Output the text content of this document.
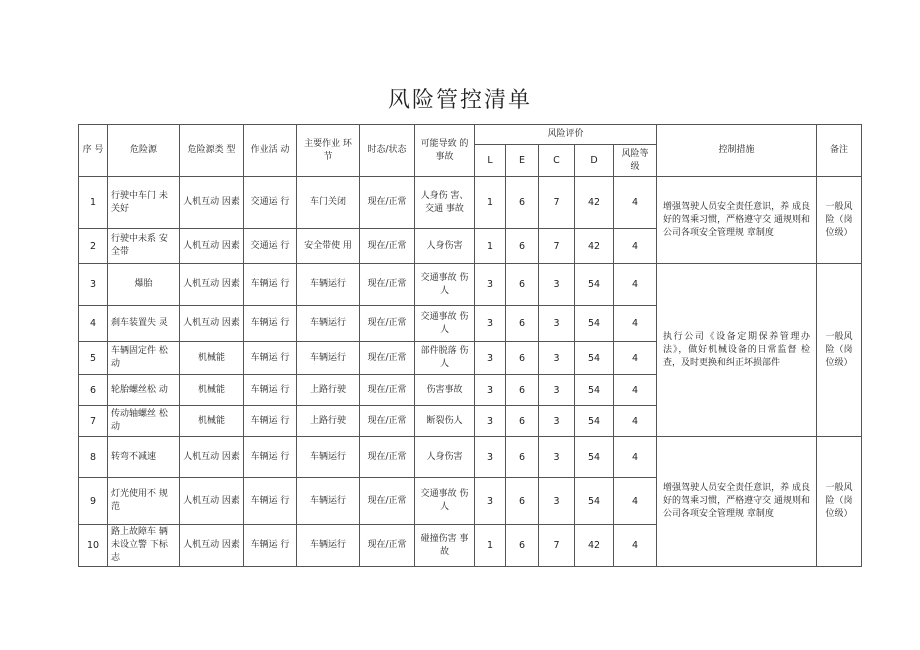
风险管控清单
序 号	危险源	危险源类 型	作业活 动	主要作业 环节	时态/状态	可能导致 的事故	风险评价					控制措施	备注
							L	E	C	D	风险等 级		
1	行驶中车门 未关好	人机互动 因素	交通运 行	车门关闭	现在/正常	人身伤 害、交通 事故	1	6	7	42	4	增强驾驶人员安全责任意识，养 成良好的驾乘习惯，严格遵守交 通规则和公司各项安全管理规 章制度	一般风 险（岗 位级）
2	行驶中未系 安全带	人机互动 因素	交通运 行	安全带使 用	现在/正常	人身伤害	1	6	7	42	4		
3	爆胎	人机互动 因素	车辆运 行	车辆运行	现在/正常	交通事故 伤人	3	6	3	54	4	执行公司《设备定期保养管理办 法》，做好机械设备的日常监督 检查，及时更换和纠正坏损部件	一般风 险（岗 位级）
4	刹车装置失 灵	人机互动 因素	车辆运 行	车辆运行	现在/正常	交通事故 伤人	3	6	3	54	4		
5	车辆固定件 松动	机械能	车辆运 行	车辆运行	现在/正常	部件脱落 伤人	3	6	3	54	4		
6	轮胎螺丝松 动	机械能	车辆运 行	上路行驶	现在/正常	伤害事故	3	6	3	54	4		
7	传动轴螺丝 松动	机械能	车辆运 行	上路行驶	现在/正常	断裂伤人	3	6	3	54	4		
8	转弯不减速	人机互动 因素	车辆运 行	车辆运行	现在/正常	人身伤害	3	6	3	54	4	增强驾驶人员安全责任意识，养 成良好的驾乘习惯，严格遵守交 通规则和公司各项安全管理规 章制度	一般风 险（岗 位级）
9	灯光使用不 规范	人机互动 因素	车辆运 行	车辆运行	现在/正常	交通事故 伤人	3	6	3	54	4		
10	路上故障车 辆未设立警 下标志	人机互动 因素	车辆运 行	车辆运行	现在/正常	碰撞伤害 事故	1	6	7	42	4		
